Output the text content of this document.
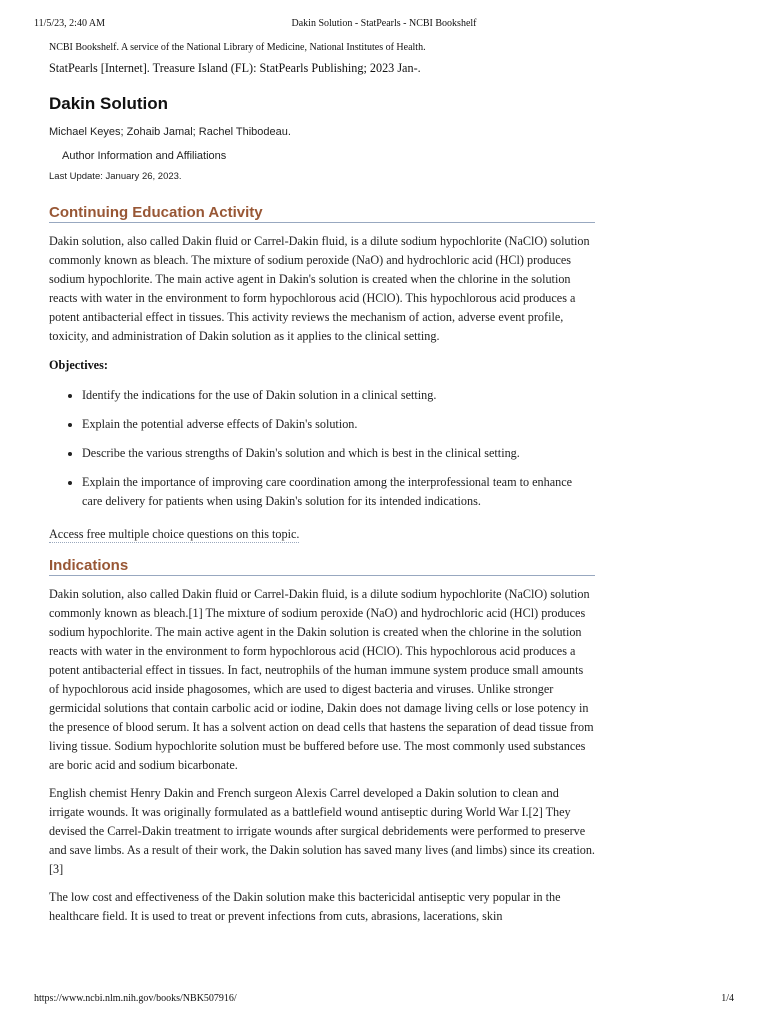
11/5/23, 2:40 AM	Dakin Solution - StatPearls - NCBI Bookshelf
NCBI Bookshelf. A service of the National Library of Medicine, National Institutes of Health.
StatPearls [Internet]. Treasure Island (FL): StatPearls Publishing; 2023 Jan-.
Dakin Solution
Michael Keyes; Zohaib Jamal; Rachel Thibodeau.
Author Information and Affiliations
Last Update: January 26, 2023.
Continuing Education Activity

Dakin solution, also called Dakin fluid or Carrel-Dakin fluid, is a dilute sodium hypochlorite (NaClO) solution commonly known as bleach. The mixture of sodium peroxide (NaO) and hydrochloric acid (HCl) produces sodium hypochlorite. The main active agent in Dakin's solution is created when the chlorine in the solution reacts with water in the environment to form hypochlorous acid (HClO). This hypochlorous acid produces a potent antibacterial effect in tissues. This activity reviews the mechanism of action, adverse event profile, toxicity, and administration of Dakin solution as it applies to the clinical setting.

Objectives:
• Identify the indications for the use of Dakin solution in a clinical setting.
• Explain the potential adverse effects of Dakin's solution.
• Describe the various strengths of Dakin's solution and which is best in the clinical setting.
• Explain the importance of improving care coordination among the interprofessional team to enhance care delivery for patients when using Dakin's solution for its intended indications.
Access free multiple choice questions on this topic.
Indications

Dakin solution, also called Dakin fluid or Carrel-Dakin fluid, is a dilute sodium hypochlorite (NaClO) solution commonly known as bleach.[1] The mixture of sodium peroxide (NaO) and hydrochloric acid (HCl) produces sodium hypochlorite. The main active agent in the Dakin solution is created when the chlorine in the solution reacts with water in the environment to form hypochlorous acid (HClO). This hypochlorous acid produces a potent antibacterial effect in tissues. In fact, neutrophils of the human immune system produce small amounts of hypochlorous acid inside phagosomes, which are used to digest bacteria and viruses. Unlike stronger germicidal solutions that contain carbolic acid or iodine, Dakin does not damage living cells or lose potency in the presence of blood serum. It has a solvent action on dead cells that hastens the separation of dead tissue from living tissue. Sodium hypochlorite solution must be buffered before use. The most commonly used substances are boric acid and sodium bicarbonate.

English chemist Henry Dakin and French surgeon Alexis Carrel developed a Dakin solution to clean and irrigate wounds. It was originally formulated as a battlefield wound antiseptic during World War I.[2] They devised the Carrel-Dakin treatment to irrigate wounds after surgical debridements were performed to preserve and save limbs. As a result of their work, the Dakin solution has saved many lives (and limbs) since its creation.[3]

The low cost and effectiveness of the Dakin solution make this bactericidal antiseptic very popular in the healthcare field. It is used to treat or prevent infections from cuts, abrasions, lacerations, skin

https://www.ncbi.nlm.nih.gov/books/NBK507916/	1/4
